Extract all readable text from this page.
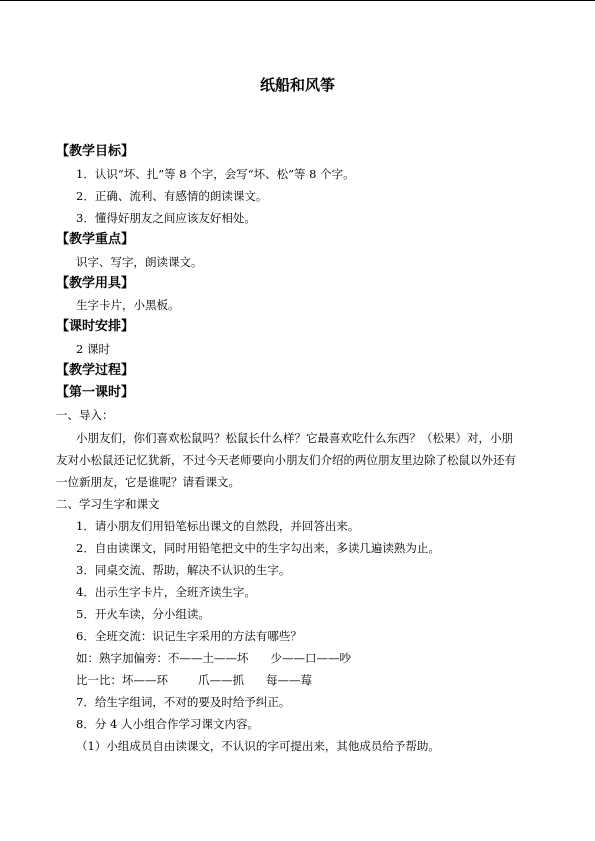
纸船和风筝
【教学目标】
1．认识“坏、扎”等 8 个字，会写“坏、松”等 8 个字。
2．正确、流利、有感情的朗读课文。
3．懂得好朋友之间应该友好相处。
【教学重点】
识字、写字，朗读课文。
【教学用具】
生字卡片，小黑板。
【课时安排】
2 课时
【教学过程】
【第一课时】
一、导入：
小朋友们，你们喜欢松鼠吗？松鼠长什么样？它最喜欢吃什么东西？（松果）对，小朋
友对小松鼠还记忆犹新，不过今天老师要向小朋友们介绍的两位朋友里边除了松鼠以外还有
一位新朋友，它是谁呢？请看课文。
二、学习生字和课文
1．请小朋友们用铅笔标出课文的自然段，并回答出来。
2．自由读课文，同时用铅笔把文中的生字勾出来，多读几遍读熟为止。
3．同桌交流、帮助，解决不认识的生字。
4．出示生字卡片，全班齐读生字。
5．开火车读，分小组读。
6．全班交流：识记生字采用的方法有哪些？
如：熟字加偏旁：不——土——坏 少——口——吵
比一比：坏——环	爪——抓 每——莓
7．给生字组词，不对的要及时给予纠正。
8．分 4 人小组合作学习课文内容。
（1）小组成员自由读课文，不认识的字可提出来，其他成员给予帮助。
